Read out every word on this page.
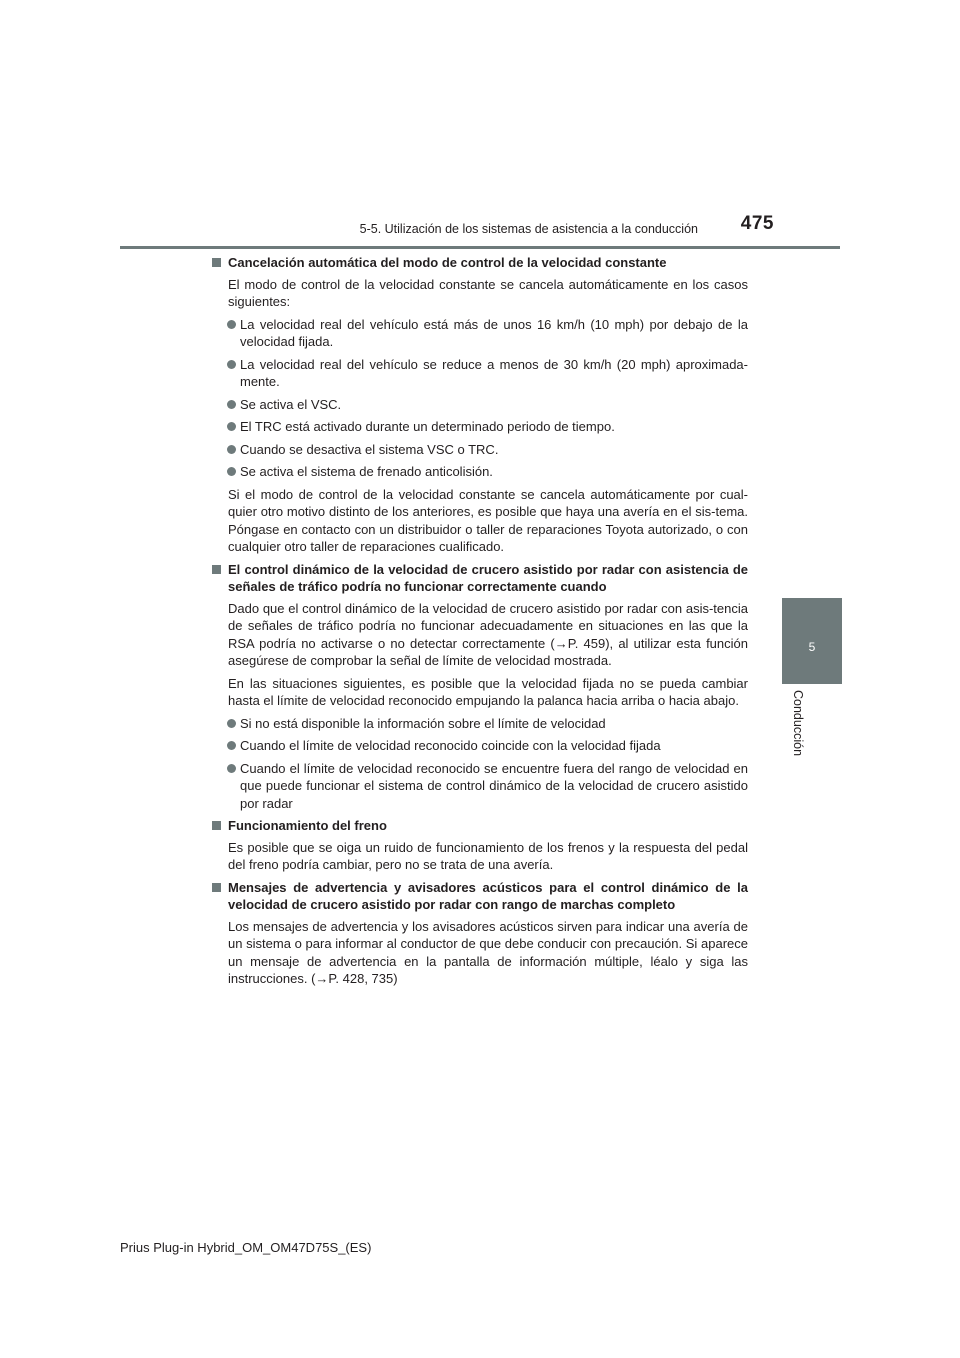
5-5. Utilización de los sistemas de asistencia a la conducción 475
5
Conducción
Cancelación automática del modo de control de la velocidad constante
El modo de control de la velocidad constante se cancela automáticamente en los casos siguientes:
La velocidad real del vehículo está más de unos 16 km/h (10 mph) por debajo de la velocidad fijada.
La velocidad real del vehículo se reduce a menos de 30 km/h (20 mph) aproximada-mente.
Se activa el VSC.
El TRC está activado durante un determinado periodo de tiempo.
Cuando se desactiva el sistema VSC o TRC.
Se activa el sistema de frenado anticolisión.
Si el modo de control de la velocidad constante se cancela automáticamente por cual-quier otro motivo distinto de los anteriores, es posible que haya una avería en el sis-tema. Póngase en contacto con un distribuidor o taller de reparaciones Toyota autorizado, o con cualquier otro taller de reparaciones cualificado.
El control dinámico de la velocidad de crucero asistido por radar con asistencia de señales de tráfico podría no funcionar correctamente cuando
Dado que el control dinámico de la velocidad de crucero asistido por radar con asis-tencia de señales de tráfico podría no funcionar adecuadamente en situaciones en las que la RSA podría no activarse o no detectar correctamente (→P. 459), al utilizar esta función asegúrese de comprobar la señal de límite de velocidad mostrada.
En las situaciones siguientes, es posible que la velocidad fijada no se pueda cambiar hasta el límite de velocidad reconocido empujando la palanca hacia arriba o hacia abajo.
Si no está disponible la información sobre el límite de velocidad
Cuando el límite de velocidad reconocido coincide con la velocidad fijada
Cuando el límite de velocidad reconocido se encuentre fuera del rango de velocidad en que puede funcionar el sistema de control dinámico de la velocidad de crucero asistido por radar
Funcionamiento del freno
Es posible que se oiga un ruido de funcionamiento de los frenos y la respuesta del pedal del freno podría cambiar, pero no se trata de una avería.
Mensajes de advertencia y avisadores acústicos para el control dinámico de la velocidad de crucero asistido por radar con rango de marchas completo
Los mensajes de advertencia y los avisadores acústicos sirven para indicar una avería de un sistema o para informar al conductor de que debe conducir con precaución. Si aparece un mensaje de advertencia en la pantalla de información múltiple, léalo y siga las instrucciones. (→P. 428, 735)
Prius Plug-in Hybrid_OM_OM47D75S_(ES)
